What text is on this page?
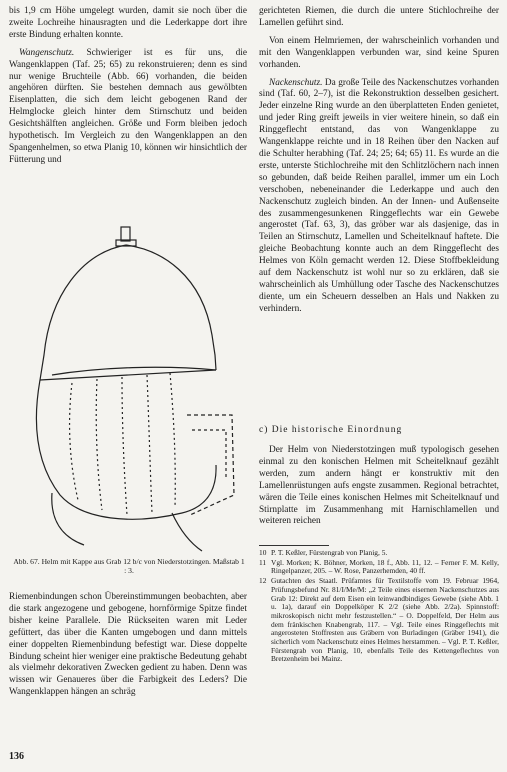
bis 1,9 cm Höhe umgelegt wurden, damit sie noch über die zweite Lochreihe hinausragten und die Lederkappe dort ihre erste Bindung erhalten konnte.

Wangenschutz. Schwieriger ist es für uns, die Wangenklappen (Taf. 25; 65) zu rekonstruieren; denn es sind nur wenige Bruchteile (Abb. 66) vorhanden, die beiden angehören dürften. Sie bestehen demnach aus gewölbten Eisenplatten, die sich dem leicht gebogenen Rand der Helmglocke gleich hinter dem Stirnschutz und beiden Gesichtshälften angleichen. Größe und Form bleiben jedoch hypothetisch. Im Vergleich zu den Wangenklappen an den Spangenhelmen, so etwa Planig 10, können wir hinsichtlich der Fütterung und

Abb. 67. Helm mit Kappe aus Grab 12 b/c von Niederstotzingen. Maßstab 1 : 3.

Riemenbindungen schon Übereinstimmungen beobachten, aber die stark angezogene und gebogene, hornförmige Spitze findet bisher keine Parallele. Die Rückseiten waren mit Leder gefüttert, das über die Kanten umgebogen und dann mittels einer doppelten Riemenbindung befestigt war. Diese doppelte Bindung scheint hier weniger eine praktische Bedeutung gehabt als vielmehr dekorativen Zwecken gedient zu haben. Denn was wissen wir Genaueres über die Farbigkeit des Leders? Die Wangenklappen hängen an schräg

gerichteten Riemen, die durch die untere Stichlochreihe der Lamellen geführt sind.

Von einem Helmriemen, der wahrscheinlich vorhanden und mit den Wangenklappen verbunden war, sind keine Spuren vorhanden.

Nackenschutz. Da große Teile des Nackenschutzes vorhanden sind (Taf. 60, 2–7), ist die Rekonstruktion desselben gesichert. Jeder einzelne Ring wurde an den überplatteten Enden genietet, und jeder Ring greift jeweils in vier weitere hinein, so daß ein Ringgeflecht entstand, das von Wangenklappe zu Wangenklappe reichte und in 18 Reihen über den Nacken auf die Schulter herabhing (Taf. 24; 25; 64; 65) 11. Es wurde an die erste, unterste Stichlochreihe mit den Schlitzlöchern nach innen so gebunden, daß beide Reihen parallel, immer um ein Loch verschoben, nebeneinander die Lederkappe und auch den Nackenschutz zugleich binden. An der Innen- und Außenseite des zusammengesunkenen Ringgeflechts war ein Gewebe angerostet (Taf. 63, 3), das gröber war als dasjenige, das in Teilen an Stirnschutz, Lamellen und Scheitelknauf haftete. Die gleiche Beobachtung konnte auch an dem Ringgeflecht des Helmes von Köln gemacht werden 12. Diese Stoffbekleidung auf dem Nackenschutz ist wohl nur so zu erklären, daß sie wahrscheinlich als Umhüllung oder Tasche des Nackenschutzes diente, um ein Scheuern desselben an Hals und Nakken zu verhindern.

c) Die historische Einordnung

Der Helm von Niederstotzingen muß typologisch gesehen einmal zu den konischen Helmen mit Scheitelknauf gezählt werden, zum andern hängt er konstruktiv mit den Lamellenrüstungen aufs engste zusammen. Regional betrachtet, wären die Teile eines konischen Helmes mit Scheitelknauf und Stirnplatte im Zusammenhang mit Harnischlamellen und weiteren reichen

10 P. T. Keßler, Fürstengrab von Planig, 5.
11 Vgl. Morken; K. Böhner, Morken, 18 f., Abb. 11, 12. – Ferner F. M. Kelly, Ringelpanzer, 205. – W. Rose, Panzerhemden, 40 ff.
12 Gutachten des Staatl. Prüfamtes für Textilstoffe vom 19. Februar 1964, Prüfungsbefund Nr. 81/I/Me/M: „2 Teile eines eisernen Nackenschutzes aus Grab 12: Direkt auf dem Eisen ein leinwandbindiges Gewebe (siehe Abb. 1 u. 1a), darauf ein Doppelköper K 2/2 (siehe Abb. 2/2a). Spinnstoff: mikroskopisch nicht mehr festzustellen.“ – O. Doppelfeld, Der Helm aus dem fränkischen Knabengrab, 117. – Vgl. Teile eines Ringgeflechts mit angerosteten Stoffresten aus Gräbern von Burladingen (Gräber 1941), die sicherlich vom Nackenschutz eines Helmes herstammen. – Vgl. P. T. Keßler, Fürstengrab von Planig, 10, ebenfalls Teile des Kettengeflechtes von Bretzenheim bei Mainz.
136
